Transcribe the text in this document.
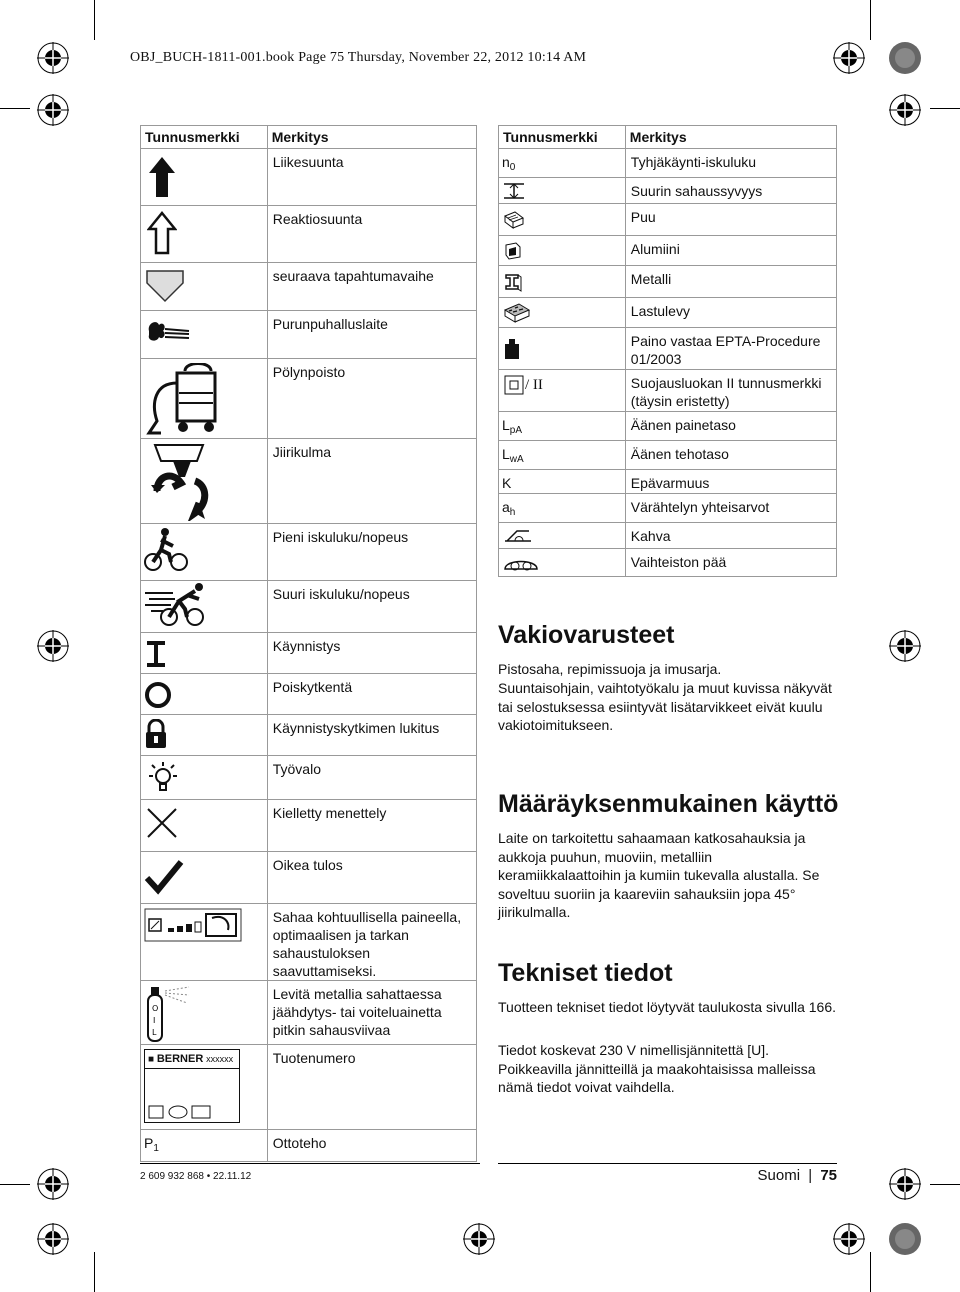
OBJ_BUCH-1811-001.book Page 75 Thursday, November 22, 2012 10:14 AM
Tunnusmerkki	Merkitys

	Liikesuunta

	Reaktiosuunta

	seuraava tapahtumavaihe

	Purunpuhalluslaite

	Pölynpoisto

	Jiirikulma

	Pieni iskuluku/nopeus

	Suuri iskuluku/nopeus

	Käynnistys

	Poiskytkentä

	Käynnistyskytkimen lukitus

	Työvalo

	Kielletty menettely

	Oikea tulos

	Sahaa kohtuullisella paineella, optimaalisen ja tarkan sahaustuloksen saavuttamiseksi.

O
I
L	Levitä metallia sahattaessa jäähdytys- tai voiteluainetta pitkin sahausviivaa

■ BERNER xxxxxx	Tuotenumero
$P_1$	Ottoteho
Tunnusmerkki	Merkitys
$n_0$	Tyhjäkäynti-iskuluku

	Suurin sahaussyvyys

	Puu

	Alumiini

	Metalli

	Lastulevy

	Paino vastaa EPTA-Procedure 01/2003

/ II	Suojausluokan II tunnusmerkki (täysin eristetty)
$L_{pA}$	Äänen painetaso
$L_{wA}$	Äänen tehotaso
K	Epävarmuus
$a_h$	Värähtelyn yhteisarvot

	Kahva

	Vaihteiston pää
Vakiovarusteet

Pistosaha, repimissuoja ja imusarja.

Suuntaisohjain, vaihtotyökalu ja muut kuvissa näkyvät tai selostuksessa esiintyvät lisätarvikkeet eivät kuulu vakiotoimitukseen.

Määräyksenmukainen käyttö

Laite on tarkoitettu sahaamaan katkosahauksia ja aukkoja puuhun, muoviin, metalliin keramiikkalaattoihin ja kumiin tukevalla alustalla. Se soveltuu suoriin ja kaareviin sahauksiin jopa 45° jiirikulmalla.

Tekniset tiedot

Tuotteen tekniset tiedot löytyvät taulukosta sivulla 166.

Tiedot koskevat 230 V nimellisjännitettä [U]. Poikkeavilla jännitteillä ja maakohtaisissa malleissa nämä tiedot voivat vaihdella.

2 609 932 868 • 22.11.12	Suomi | 75
